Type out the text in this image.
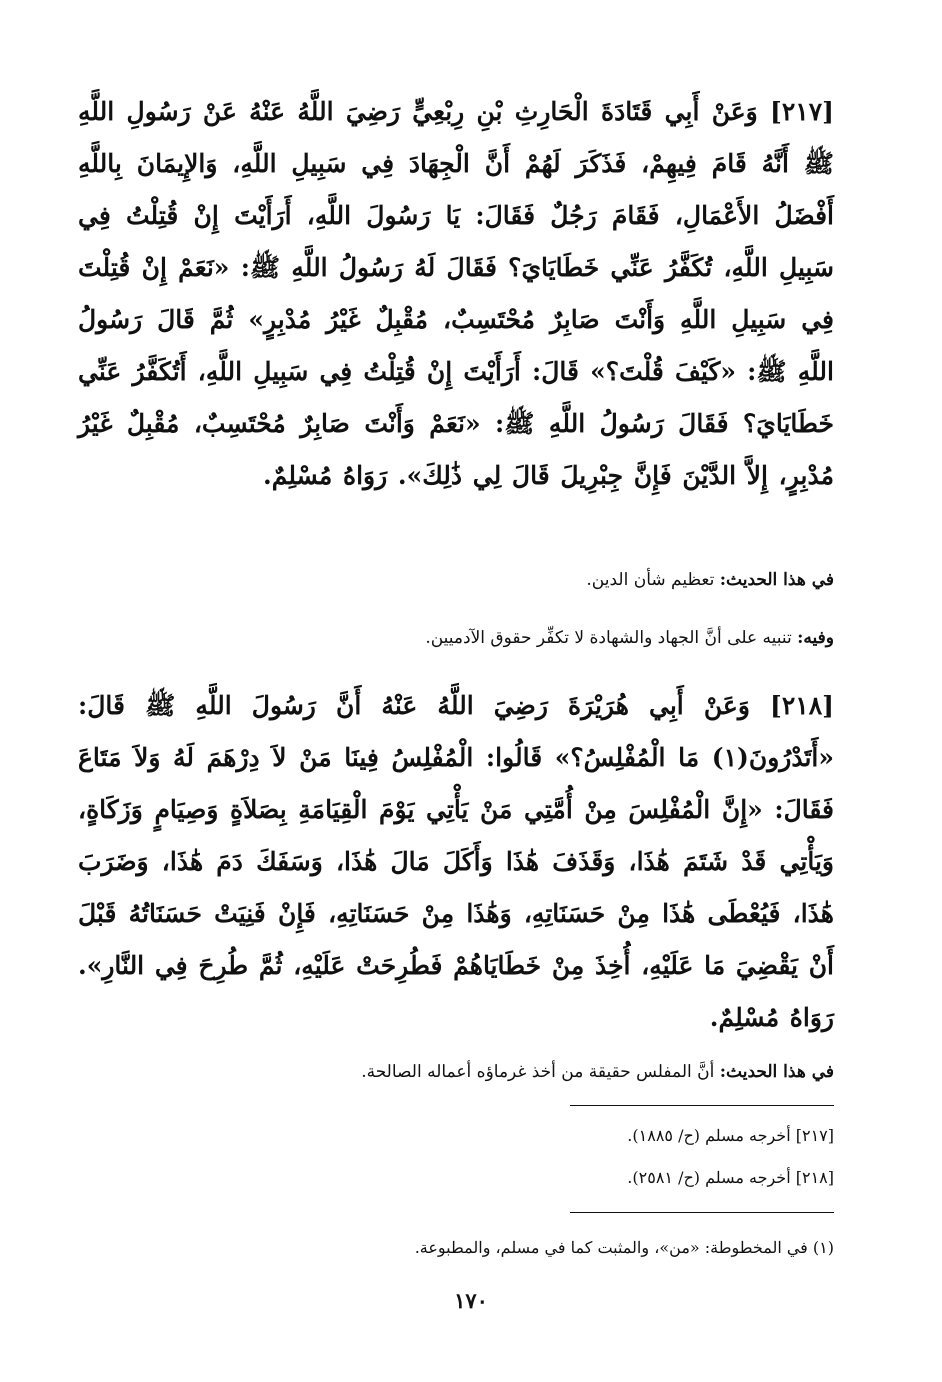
[٢١٧] وَعَنْ أَبِي قَتَادَةَ الْحَارِثِ بْنِ رِبْعِيٍّ رَضِيَ اللَّهُ عَنْهُ عَنْ رَسُولِ اللَّهِ ﷺ أَنَّهُ قَامَ فِيهِمْ، فَذَكَرَ لَهُمْ أَنَّ الْجِهَادَ فِي سَبِيلِ اللَّهِ، وَالإِيمَانَ بِاللَّهِ أَفْضَلُ الأَعْمَالِ، فَقَامَ رَجُلٌ فَقَالَ: يَا رَسُولَ اللَّهِ، أَرَأَيْتَ إِنْ قُتِلْتُ فِي سَبِيلِ اللَّهِ، تُكَفَّرُ عَنِّي خَطَايَايَ؟ فَقَالَ لَهُ رَسُولُ اللَّهِ ﷺ: «نَعَمْ إِنْ قُتِلْتَ فِي سَبِيلِ اللَّهِ وَأَنْتَ صَابِرٌ مُحْتَسِبٌ، مُقْبِلٌ غَيْرُ مُدْبِرٍ» ثُمَّ قَالَ رَسُولُ اللَّهِ ﷺ: «كَيْفَ قُلْتَ؟» قَالَ: أَرَأَيْتَ إِنْ قُتِلْتُ فِي سَبِيلِ اللَّهِ، أَتُكَفَّرُ عَنِّي خَطَايَايَ؟ فَقَالَ رَسُولُ اللَّهِ ﷺ: «نَعَمْ وَأَنْتَ صَابِرٌ مُحْتَسِبٌ، مُقْبِلٌ غَيْرُ مُدْبِرٍ، إِلاَّ الدَّيْنَ فَإِنَّ جِبْرِيلَ قَالَ لِي ذَٰلِكَ». رَوَاهُ مُسْلِمٌ.
في هذا الحديث: تعظيم شأن الدين.
وفيه: تنبيه على أنَّ الجهاد والشهادة لا تكفِّر حقوق الآدميين.
[٢١٨] وَعَنْ أَبِي هُرَيْرَةَ رَضِيَ اللَّهُ عَنْهُ أَنَّ رَسُولَ اللَّهِ ﷺ قَالَ: «أَتَدْرُونَ(١) مَا الْمُفْلِسُ؟» قَالُوا: الْمُفْلِسُ فِينَا مَنْ لاَ دِرْهَمَ لَهُ وَلاَ مَتَاعَ فَقَالَ: «إِنَّ الْمُفْلِسَ مِنْ أُمَّتِي مَنْ يَأْتِي يَوْمَ الْقِيَامَةِ بِصَلاَةٍ وَصِيَامٍ وَزَكَاةٍ، وَيَأْتِي قَدْ شَتَمَ هَٰذَا، وَقَذَفَ هَٰذَا وَأَكَلَ مَالَ هَٰذَا، وَسَفَكَ دَمَ هَٰذَا، وَضَرَبَ هَٰذَا، فَيُعْطَى هَٰذَا مِنْ حَسَنَاتِهِ، وَهَٰذَا مِنْ حَسَنَاتِهِ، فَإِنْ فَنِيَتْ حَسَنَاتُهُ قَبْلَ أَنْ يَقْضِيَ مَا عَلَيْهِ، أُخِذَ مِنْ خَطَايَاهُمْ فَطُرِحَتْ عَلَيْهِ، ثُمَّ طُرِحَ فِي النَّارِ». رَوَاهُ مُسْلِمٌ.
في هذا الحديث: أنَّ المفلس حقيقة من أخذ غرماؤه أعماله الصالحة.
[٢١٧] أخرجه مسلم (ح/ ١٨٨٥).
[٢١٨] أخرجه مسلم (ح/ ٢٥٨١).
(١) في المخطوطة: «من»، والمثبت كما في مسلم، والمطبوعة.
١٧٠
